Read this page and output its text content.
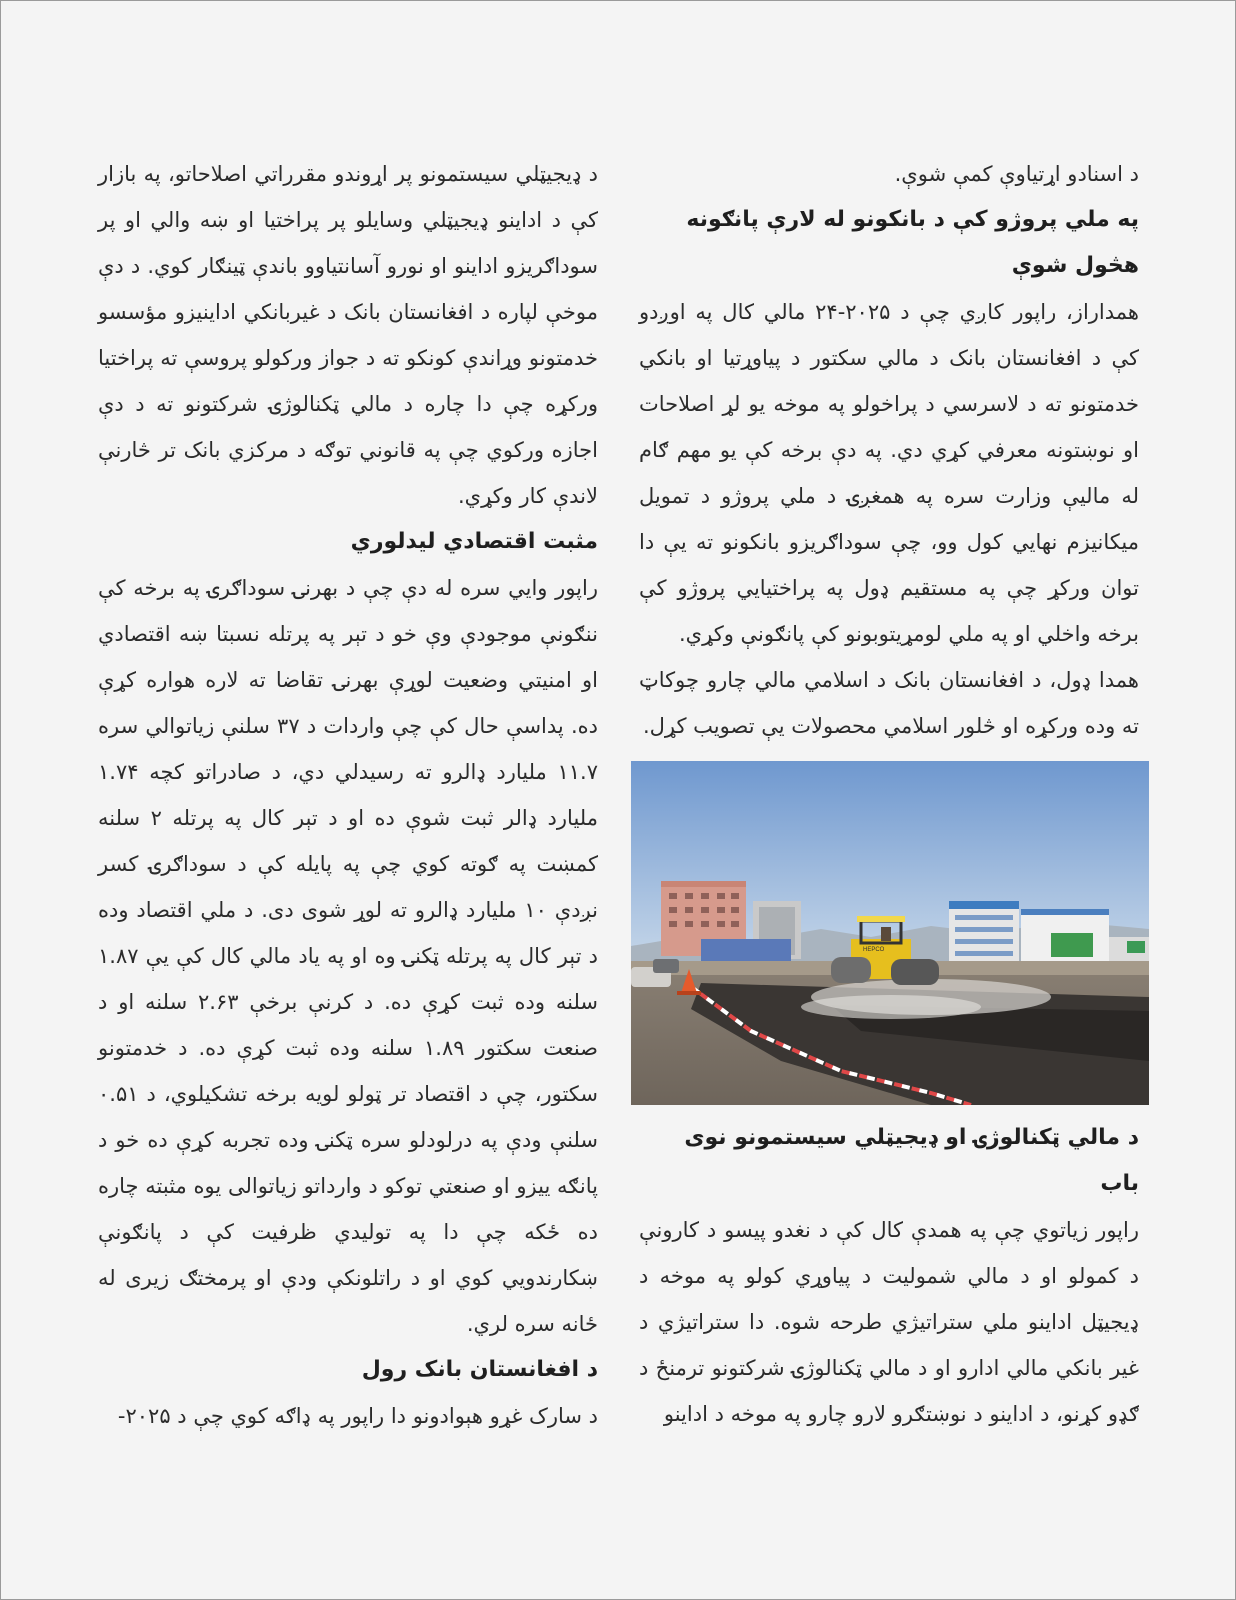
د اسنادو اړتیاوې کمې شوې.

په ملي پروژو کې د بانکونو له لارې پانګونه هڅول شوې

همداراز، راپور کاږي چې د ۲۰۲۵-۲۴ مالي کال په اوږدو کې د افغانستان بانک د مالي سکتور د پیاوړتیا او بانکي خدمتونو ته د لاسرسي د پراخولو په موخه یو لړ اصلاحات او نوښتونه معرفي کړي دي. په دې برخه کې یو مهم ګام له مالیې وزارت سره په همغږۍ د ملي پروژو د تمویل میکانیزم نهایي کول وو، چې سوداګریزو بانکونو ته یې دا توان ورکړ چې په مستقیم ډول په پراختیایي پروژو کې برخه واخلي او په ملي لومړیتوبونو کې پانګونې وکړي.

همدا ډول، د افغانستان بانک د اسلامي مالي چارو چوکاټ ته وده ورکړه او څلور اسلامي محصولات یې تصویب کړل.

HEPCO
د مالي ټکنالوژۍ او ډیجیټلي سیستمونو نوی باب

راپور زیاتوي چې په همدې کال کې د نغدو پیسو د کارونې د کمولو او د مالي شمولیت د پیاوړي کولو په موخه د ډیجیټل اداینو ملي ستراتیژي طرحه شوه. دا ستراتیژي د غیر بانکي مالي ادارو او د مالي ټکنالوژۍ شرکتونو ترمنځ د ګډو کړنو، د اداینو د نوښتګرو لارو چارو په موخه د اداینو

د ډیجیټلي سیستمونو پر اړوندو مقرراتي اصلاحاتو، په بازار کې د اداینو ډیجیټلي وسایلو پر پراختیا او ښه والي او پر سوداګریزو اداینو او نورو آسانتیاوو باندې ټینګار کوي. د دې موخې لپاره د افغانستان بانک د غیربانکي اداینیزو مؤسسو خدمتونو وړاندې کونکو ته د جواز ورکولو پروسې ته پراختیا ورکړه چې دا چاره د مالي ټکنالوژۍ شرکتونو ته د دې اجازه ورکوي چې په قانوني توګه د مرکزي بانک تر څارنې لاندې کار وکړي.

مثبت اقتصادي لیدلوري

راپور وایي سره له دې چې د بهرنۍ سوداګرۍ په برخه کې ننګونې موجودې وې خو د تېر په پرتله نسبتا ښه اقتصادي او امنیتي وضعیت لوړې بهرنۍ تقاضا ته لاره هواره کړې ده. پداسې حال کې چې واردات د ۳۷ سلنې زیاتوالي سره ۱۱.۷ ملیارد ډالرو ته رسیدلي دي، د صادراتو کچه ۱.۷۴ ملیارد ډالر ثبت شوې ده او د تېر کال په پرتله ۲ سلنه کمښت په ګوته کوي چې په پایله کې د سوداګرۍ کسر نږدې ۱۰ ملیارد ډالرو ته لوړ شوی دی. د ملي اقتصاد وده د تېر کال په پرتله ټکنۍ وه او په یاد مالي کال کې یې ۱.۸۷ سلنه وده ثبت کړې ده. د کرنې برخې ۲.۶۳ سلنه او د صنعت سکتور ۱.۸۹ سلنه وده ثبت کړې ده. د خدمتونو سکتور، چې د اقتصاد تر ټولو لویه برخه تشکیلوي، د ۰.۵۱ سلنې ودې په درلودلو سره ټکنۍ وده تجربه کړې ده خو د پانګه ییزو او صنعتي توکو د وارداتو زیاتوالی یوه مثبته چاره ده ځکه چې دا په تولیدي ظرفیت کې د پانګونې ښکارندویي کوي او د راتلونکې ودې او پرمختګ زیری له ځانه سره لري.

د افغانستان بانک رول

د سارک غړو هېوادونو دا راپور په ډاګه کوي چې د ۲۰۲۵-
